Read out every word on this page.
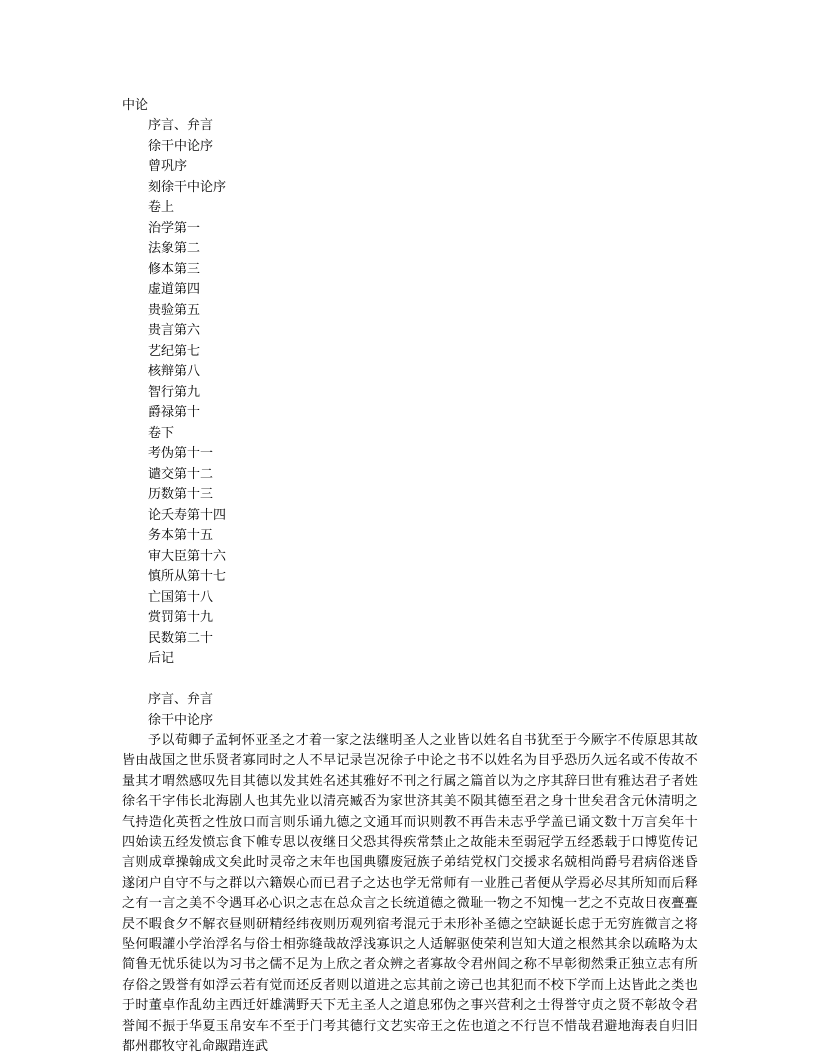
中论
序言、弁言
徐干中论序
曾巩序
刻徐干中论序
卷上
治学第一
法象第二
修本第三
虚道第四
贵验第五
贵言第六
艺纪第七
核辩第八
智行第九
爵禄第十
卷下
考伪第十一
谴交第十二
历数第十三
论夭寿第十四
务本第十五
审大臣第十六
慎所从第十七
亡国第十八
赏罚第十九
民数第二十
后记
序言、弁言
徐干中论序

予以荀卿子孟轲怀亚圣之才着一家之法继明圣人之业皆以姓名自书犹至于今厥字不传原思其故皆由战国之世乐贤者寡同时之人不早记录岂况徐子中论之书不以姓名为目乎恐历久远名或不传故不量其才喟然感叹先目其德以发其姓名述其雅好不刊之行属之篇首以为之序其辞曰世有雅达君子者姓徐名干字伟长北海剧人也其先业以清亮臧否为家世济其美不陨其德至君之身十世矣君含元休清明之气持造化英哲之性放口而言则乐诵九德之文通耳而识则教不再告未志乎学盖已诵文数十万言矣年十四始读五经发愤忘食下帷专思以夜继日父恐其得疾常禁止之故能未至弱冠学五经悉载于口博览传记言则成章操翰成文矣此时灵帝之末年也国典隳废冠族子弟结党权门交援求名兢相尚爵号君病俗迷昏遂闭户自守不与之群以六籍娱心而已君子之达也学无常师有一业胜己者便从学焉必尽其所知而后释之有一言之美不令遇耳必心识之志在总众言之长统道德之微耻一物之不知愧一艺之不克故日夜亹亹昃不暇食夕不解衣昼则研精经纬夜则历观列宿考混元于未形补圣德之空缺诞长虑于无穷旌微言之将坠何暇讙小学治浮名与俗士相弥缝哉故浮浅寡识之人适解驱使荣利岂知大道之根然其余以疏略为太简鲁无忧乐徒以为习书之儒不足为上欣之者众辨之者寡故令君州闾之称不早彰彻然秉正独立志有所存俗之毁誉有如浮云若有觉而还反者则以道进之忘其前之谤己也其犯而不校下学而上达皆此之类也于时董卓作乱幼主西迁奸雄满野天下无主圣人之道息邪伪之事兴营利之士得誉守贞之贤不彰故令君誉闻不振于华夏玉帛安车不至于门考其德行文艺实帝王之佐也道之不行岂不惜哉君避地海表自归旧都州郡牧守礼命踧踖连武
